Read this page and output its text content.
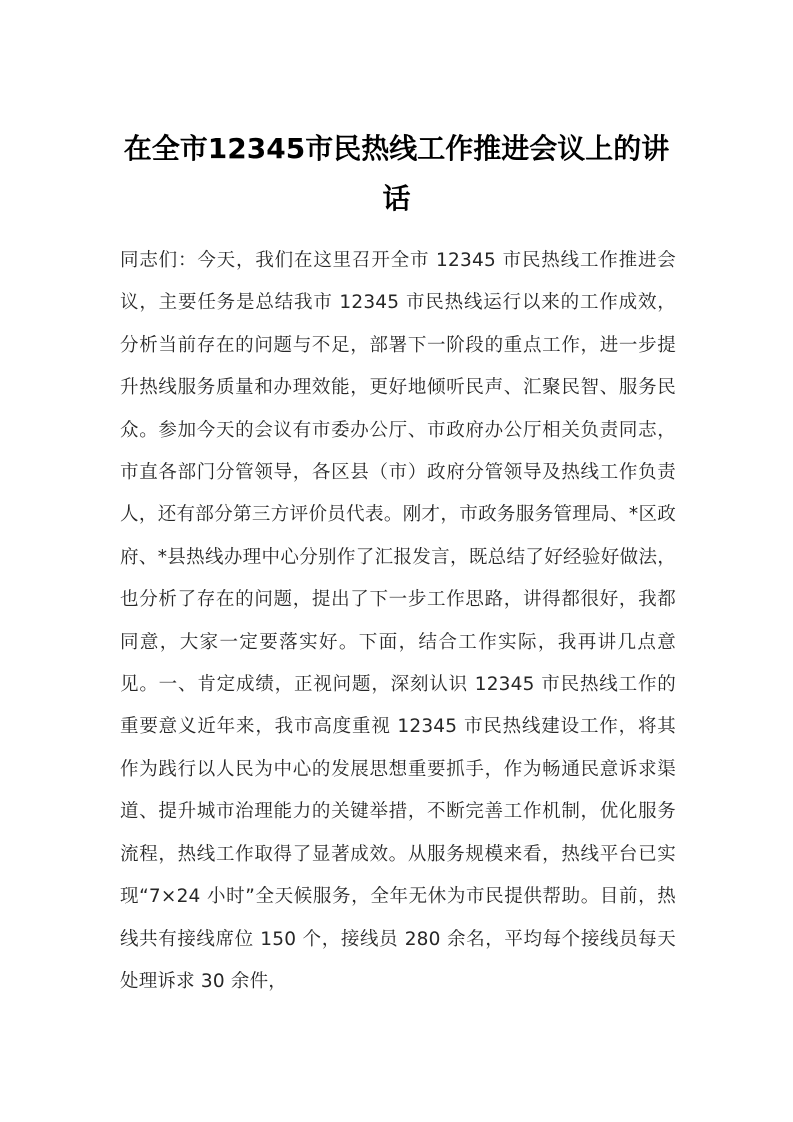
在全市12345市民热线工作推进会议上的讲话

同志们：今天，我们在这里召开全市 12345 市民热线工作推进会议，主要任务是总结我市 12345 市民热线运行以来的工作成效，分析当前存在的问题与不足，部署下一阶段的重点工作，进一步提升热线服务质量和办理效能，更好地倾听民声、汇聚民智、服务民众。参加今天的会议有市委办公厅、市政府办公厅相关负责同志，市直各部门分管领导，各区县（市）政府分管领导及热线工作负责人，还有部分第三方评价员代表。刚才，市政务服务管理局、*区政府、*县热线办理中心分别作了汇报发言，既总结了好经验好做法，也分析了存在的问题，提出了下一步工作思路，讲得都很好，我都同意，大家一定要落实好。下面，结合工作实际，我再讲几点意见。一、肯定成绩，正视问题，深刻认识 12345 市民热线工作的重要意义近年来，我市高度重视 12345 市民热线建设工作，将其作为践行以人民为中心的发展思想重要抓手，作为畅通民意诉求渠道、提升城市治理能力的关键举措，不断完善工作机制，优化服务流程，热线工作取得了显著成效。从服务规模来看，热线平台已实现“7×24 小时”全天候服务，全年无休为市民提供帮助。目前，热线共有接线席位 150 个，接线员 280 余名，平均每个接线员每天处理诉求 30 余件，
